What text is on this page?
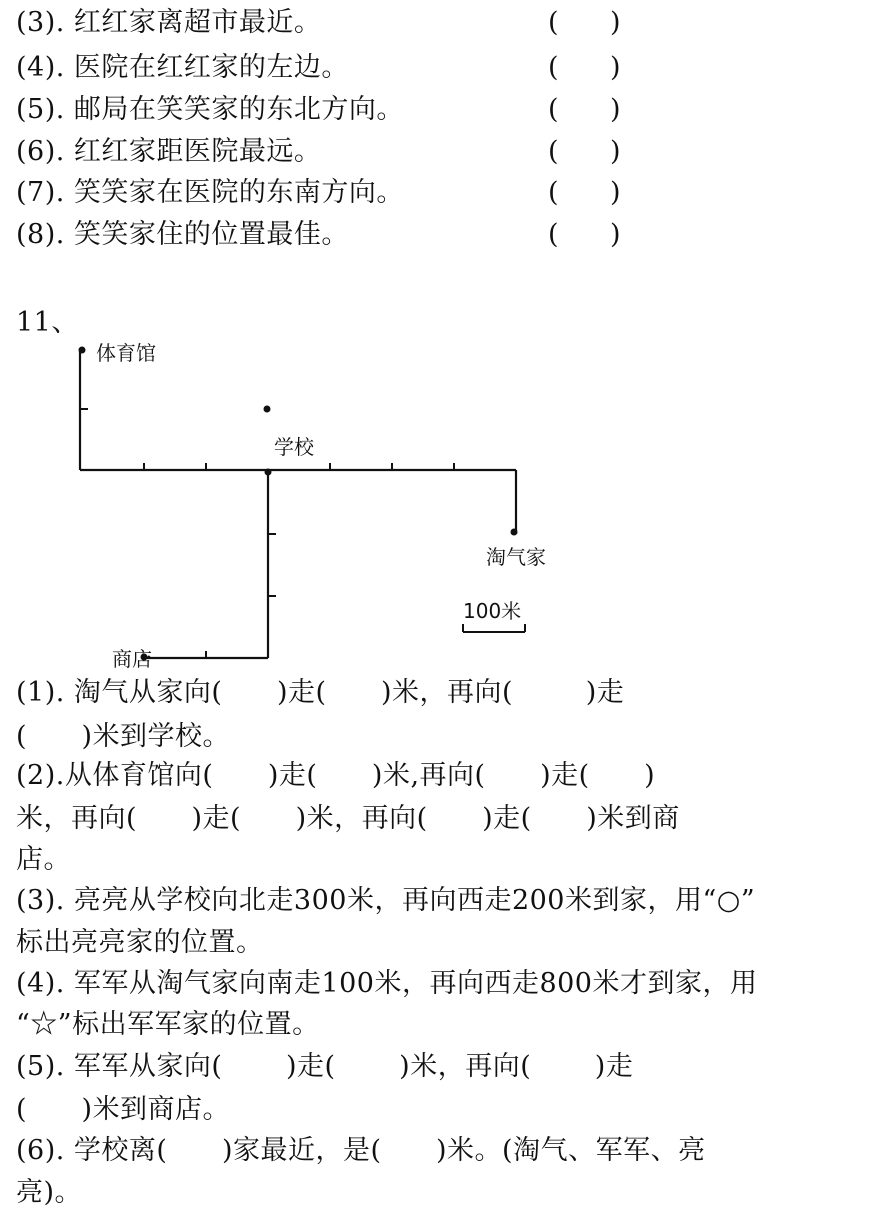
(3). 红红家离超市最近。	(      )
(4). 医院在红红家的左边。	(      )
(5). 邮局在笑笑家的东北方向。	(      )
(6). 红红家距医院最远。	(      )
(7). 笑笑家在医院的东南方向。	(      )
(8). 笑笑家住的位置最佳。	(      )
11、
体育馆
学校
淘气家
商店
100米
(1). 淘气从家向(      )走(      )米，再向(        )走
(      )米到学校。
(2).从体育馆向(      )走(      )米,再向(      )走(      )
米，再向(      )走(      )米，再向(      )走(      )米到商
店。
(3). 亮亮从学校向北走300米，再向西走200米到家，用“○”
标出亮亮家的位置。
(4). 军军从淘气家向南走100米，再向西走800米才到家，用
“☆”标出军军家的位置。
(5). 军军从家向(       )走(       )米，再向(       )走
(      )米到商店。
(6). 学校离(      )家最近，是(      )米。(淘气、军军、亮
亮)。
